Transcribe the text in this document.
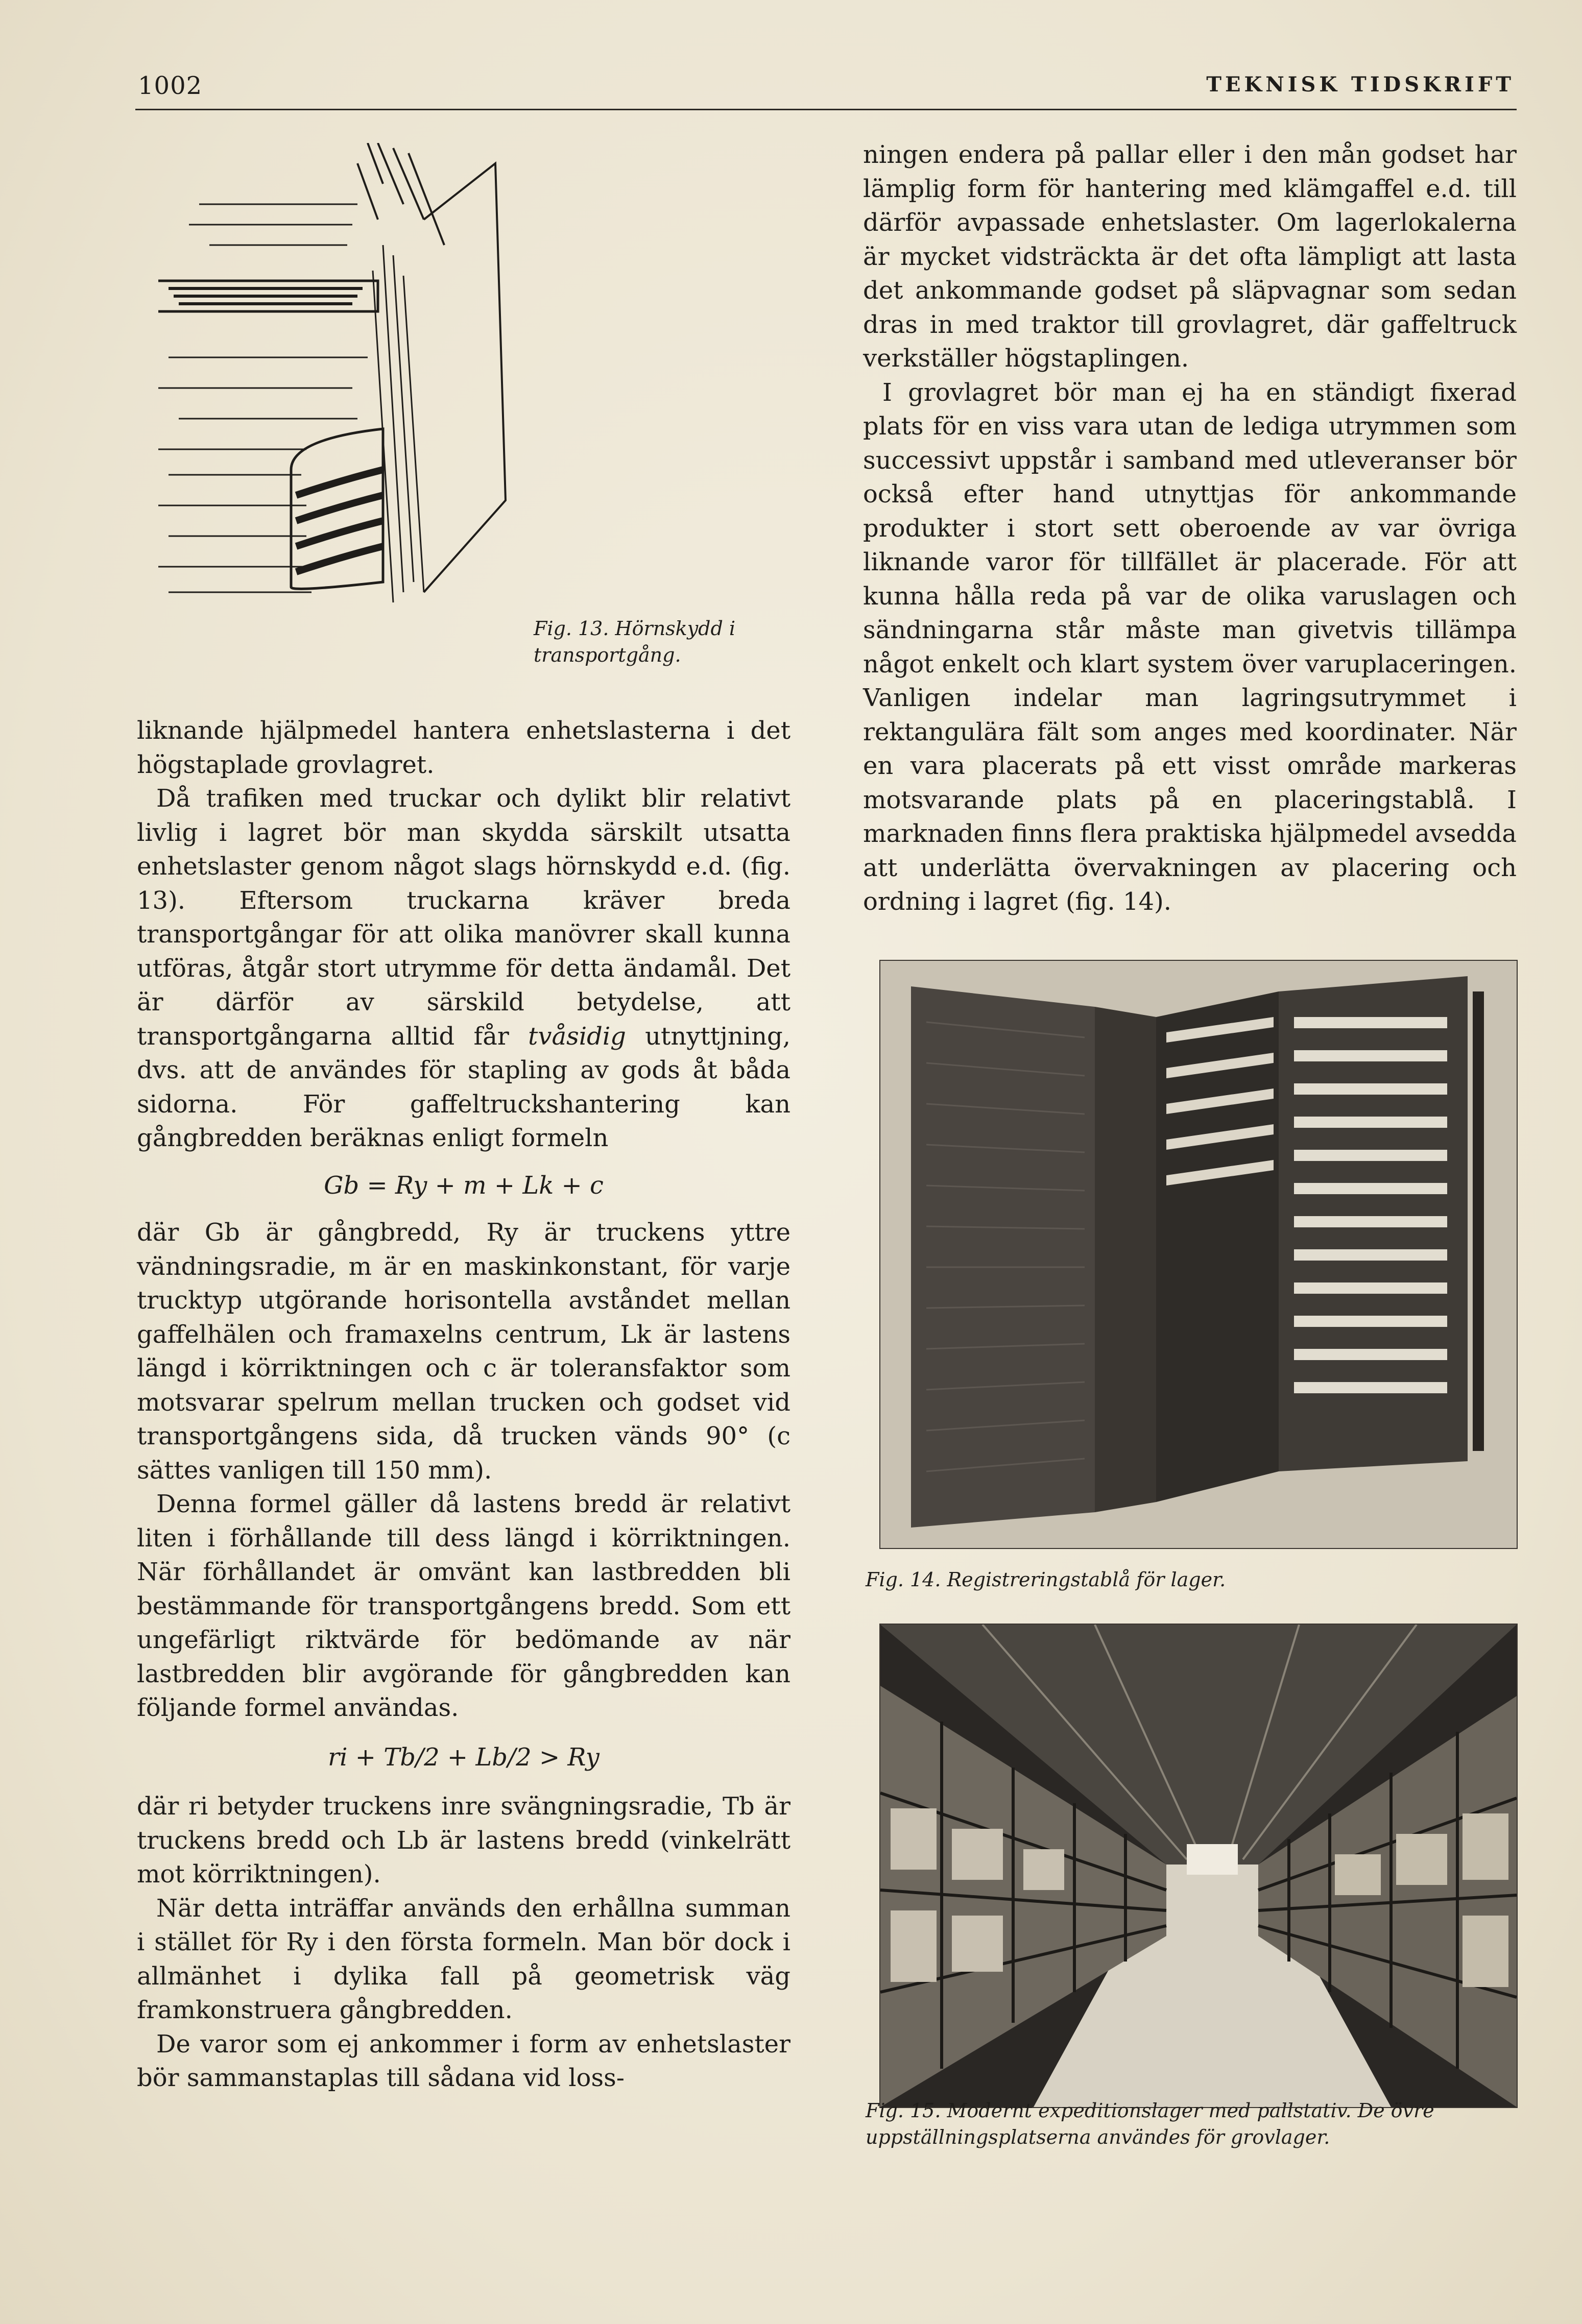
1002	TEKNISK TIDSKRIFT
Fig. 13. Hörnskydd i transportgång.

liknande hjälpmedel hantera enhetslasterna i det högstaplade grovlagret.

Då trafiken med truckar och dylikt blir relativt livlig i lagret bör man skydda särskilt utsatta enhetslaster genom något slags hörnskydd e.d. (fig. 13). Eftersom truckarna kräver breda transportgångar för att olika manövrer skall kunna utföras, åtgår stort utrymme för detta ändamål. Det är därför av särskild betydelse, att transportgångarna alltid får tvåsidig utnyttjning, dvs. att de användes för stapling av gods åt båda sidorna. För gaffeltruckshantering kan gångbredden beräknas enligt formeln

Gb = Ry + m + Lk + c

där Gb är gångbredd, Ry är truckens yttre vändningsradie, m är en maskinkonstant, för varje trucktyp utgörande horisontella avståndet mellan gaffelhälen och framaxelns centrum, Lk är lastens längd i körriktningen och c är toleransfaktor som motsvarar spelrum mellan trucken och godset vid transportgångens sida, då trucken vänds 90° (c sättes vanligen till 150 mm).

Denna formel gäller då lastens bredd är relativt liten i förhållande till dess längd i körriktningen. När förhållandet är omvänt kan lastbredden bli bestämmande för transportgångens bredd. Som ett ungefärligt riktvärde för bedömande av när lastbredden blir avgörande för gångbredden kan följande formel användas.

ri + Tb/2 + Lb/2 > Ry

där ri betyder truckens inre svängningsradie, Tb är truckens bredd och Lb är lastens bredd (vinkelrätt mot körriktningen).

När detta inträffar används den erhållna summan i stället för Ry i den första formeln. Man bör dock i allmänhet i dylika fall på geometrisk väg framkonstruera gångbredden.

De varor som ej ankommer i form av enhetslaster bör sammanstaplas till sådana vid loss-

ningen endera på pallar eller i den mån godset har lämplig form för hantering med klämgaffel e.d. till därför avpassade enhetslaster. Om lagerlokalerna är mycket vidsträckta är det ofta lämpligt att lasta det ankommande godset på släpvagnar som sedan dras in med traktor till grovlagret, där gaffeltruck verkställer högstaplingen.

I grovlagret bör man ej ha en ständigt fixerad plats för en viss vara utan de lediga utrymmen som successivt uppstår i samband med utleveranser bör också efter hand utnyttjas för ankommande produkter i stort sett oberoende av var övriga liknande varor för tillfället är placerade. För att kunna hålla reda på var de olika varuslagen och sändningarna står måste man givetvis tillämpa något enkelt och klart system över varuplaceringen. Vanligen indelar man lagringsutrymmet i rektangulära fält som anges med koordinater. När en vara placerats på ett visst område markeras motsvarande plats på en placeringstablå. I marknaden finns flera praktiska hjälpmedel avsedda att underlätta övervakningen av placering och ordning i lagret (fig. 14).

Fig. 14. Registreringstablå för lager.
Fig. 15. Modernt expeditionslager med pallstativ. De övre uppställningsplatserna användes för grovlager.
